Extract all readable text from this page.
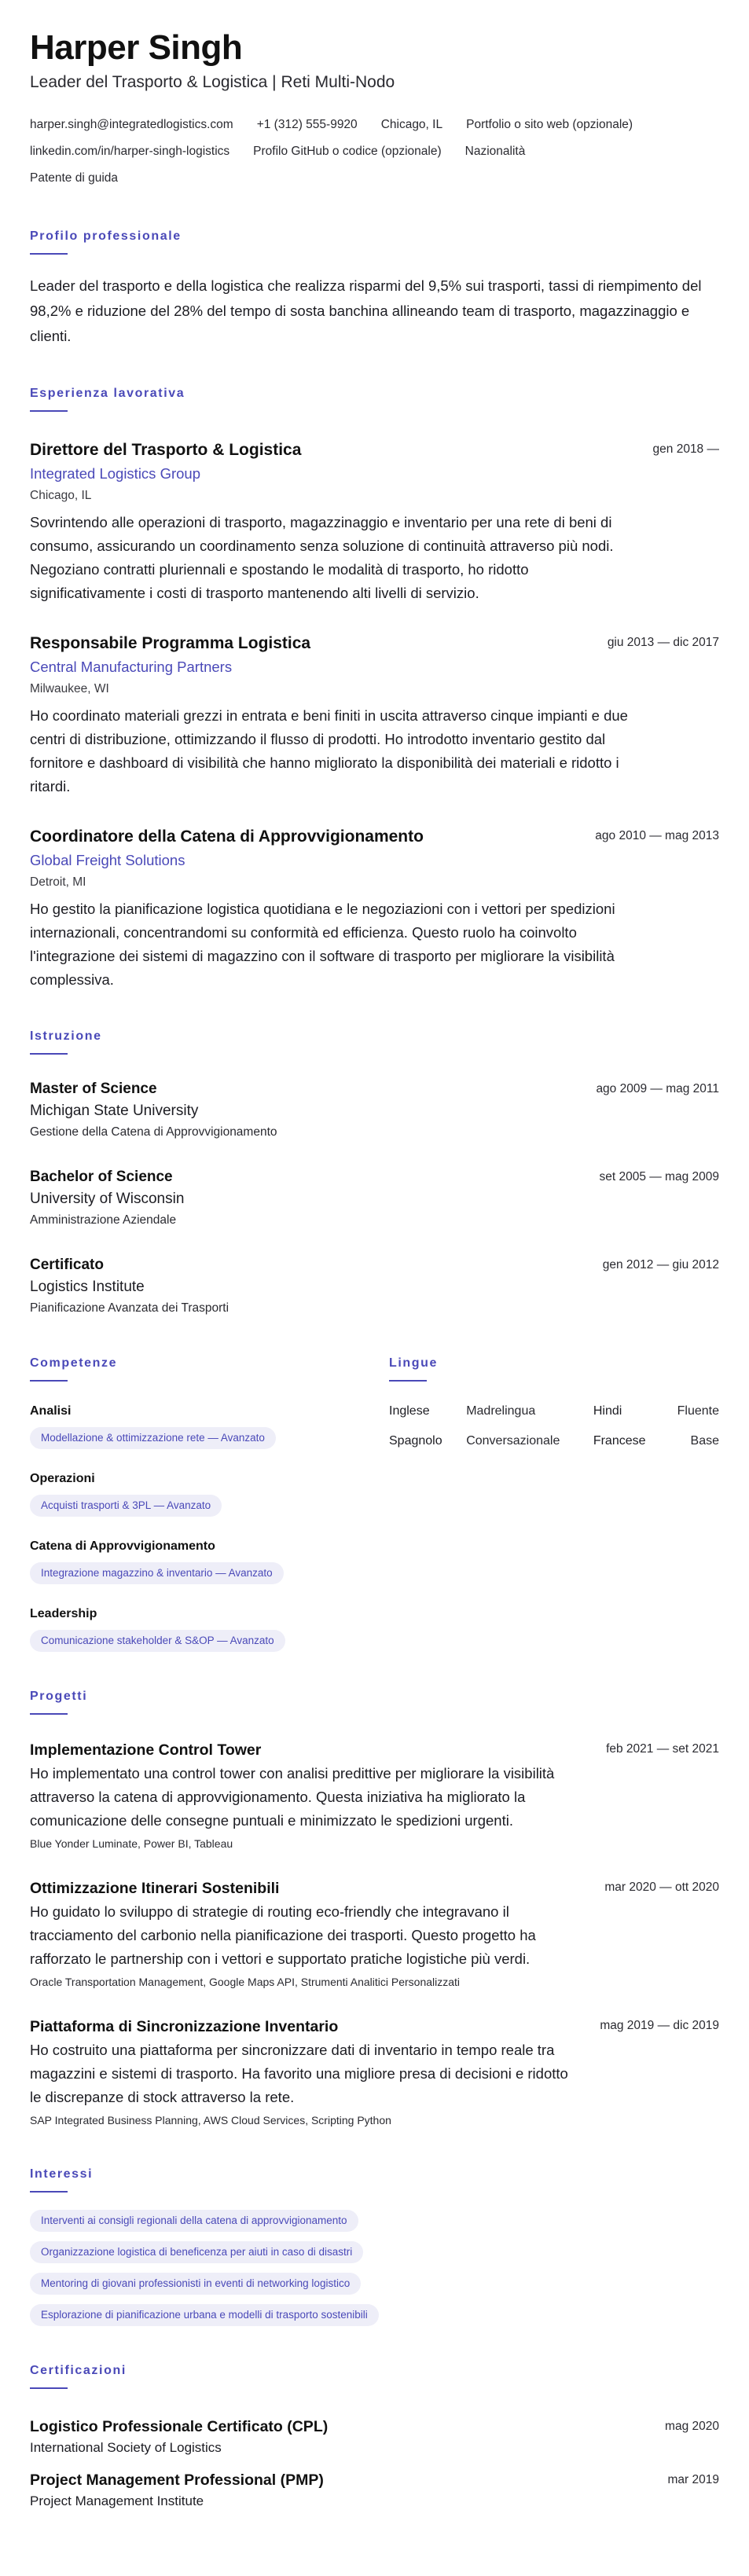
Harper Singh
Leader del Trasporto & Logistica | Reti Multi-Nodo
harper.singh@integratedlogistics.com +1 (312) 555-9920 Chicago, IL Portfolio o sito web (opzionale)
linkedin.com/in/harper-singh-logistics Profilo GitHub o codice (opzionale) Nazionalità
Patente di guida
Profilo professionale
Leader del trasporto e della logistica che realizza risparmi del 9,5% sui trasporti, tassi di riempimento del 98,2% e riduzione del 28% del tempo di sosta banchina allineando team di trasporto, magazzinaggio e clienti.
Esperienza lavorativa
Direttore del Trasporto & Logistica
Integrated Logistics Group
Chicago, IL
Sovrintendo alle operazioni di trasporto, magazzinaggio e inventario per una rete di beni di consumo, assicurando un coordinamento senza soluzione di continuità attraverso più nodi. Negoziano contratti pluriennali e spostando le modalità di trasporto, ho ridotto significativamente i costi di trasporto mantenendo alti livelli di servizio.
gen 2018 —
Responsabile Programma Logistica
Central Manufacturing Partners
Milwaukee, WI
Ho coordinato materiali grezzi in entrata e beni finiti in uscita attraverso cinque impianti e due centri di distribuzione, ottimizzando il flusso di prodotti. Ho introdotto inventario gestito dal fornitore e dashboard di visibilità che hanno migliorato la disponibilità dei materiali e ridotto i ritardi.
giu 2013 — dic 2017
Coordinatore della Catena di Approvvigionamento
Global Freight Solutions
Detroit, MI
Ho gestito la pianificazione logistica quotidiana e le negoziazioni con i vettori per spedizioni internazionali, concentrandomi su conformità ed efficienza. Questo ruolo ha coinvolto l'integrazione dei sistemi di magazzino con il software di trasporto per migliorare la visibilità complessiva.
ago 2010 — mag 2013
Istruzione
Master of Science
Michigan State University
Gestione della Catena di Approvvigionamento
ago 2009 — mag 2011
Bachelor of Science
University of Wisconsin
Amministrazione Aziendale
set 2005 — mag 2009
Certificato
Logistics Institute
Pianificazione Avanzata dei Trasporti
gen 2012 — giu 2012
Competenze
Analisi
Modellazione & ottimizzazione rete — Avanzato
Operazioni
Acquisti trasporti & 3PL — Avanzato
Catena di Approvvigionamento
Integrazione magazzino & inventario — Avanzato
Leadership
Comunicazione stakeholder & S&OP — Avanzato
Lingue
Inglese	Madrelingua	Hindi	Fluente
Spagnolo	Conversazionale	Francese	Base
Progetti
Implementazione Control Tower
Ho implementato una control tower con analisi predittive per migliorare la visibilità attraverso la catena di approvvigionamento. Questa iniziativa ha migliorato la comunicazione delle consegne puntuali e minimizzato le spedizioni urgenti.
Blue Yonder Luminate, Power BI, Tableau
feb 2021 — set 2021
Ottimizzazione Itinerari Sostenibili
Ho guidato lo sviluppo di strategie di routing eco-friendly che integravano il tracciamento del carbonio nella pianificazione dei trasporti. Questo progetto ha rafforzato le partnership con i vettori e supportato pratiche logistiche più verdi.
Oracle Transportation Management, Google Maps API, Strumenti Analitici Personalizzati
mar 2020 — ott 2020
Piattaforma di Sincronizzazione Inventario
Ho costruito una piattaforma per sincronizzare dati di inventario in tempo reale tra magazzini e sistemi di trasporto. Ha favorito una migliore presa di decisioni e ridotto le discrepanze di stock attraverso la rete.
SAP Integrated Business Planning, AWS Cloud Services, Scripting Python
mag 2019 — dic 2019
Interessi
Interventi ai consigli regionali della catena di approvvigionamento
Organizzazione logistica di beneficenza per aiuti in caso di disastri
Mentoring di giovani professionisti in eventi di networking logistico
Esplorazione di pianificazione urbana e modelli di trasporto sostenibili
Certificazioni
Logistico Professionale Certificato (CPL)
International Society of Logistics
mag 2020
Project Management Professional (PMP)
Project Management Institute
mar 2019
